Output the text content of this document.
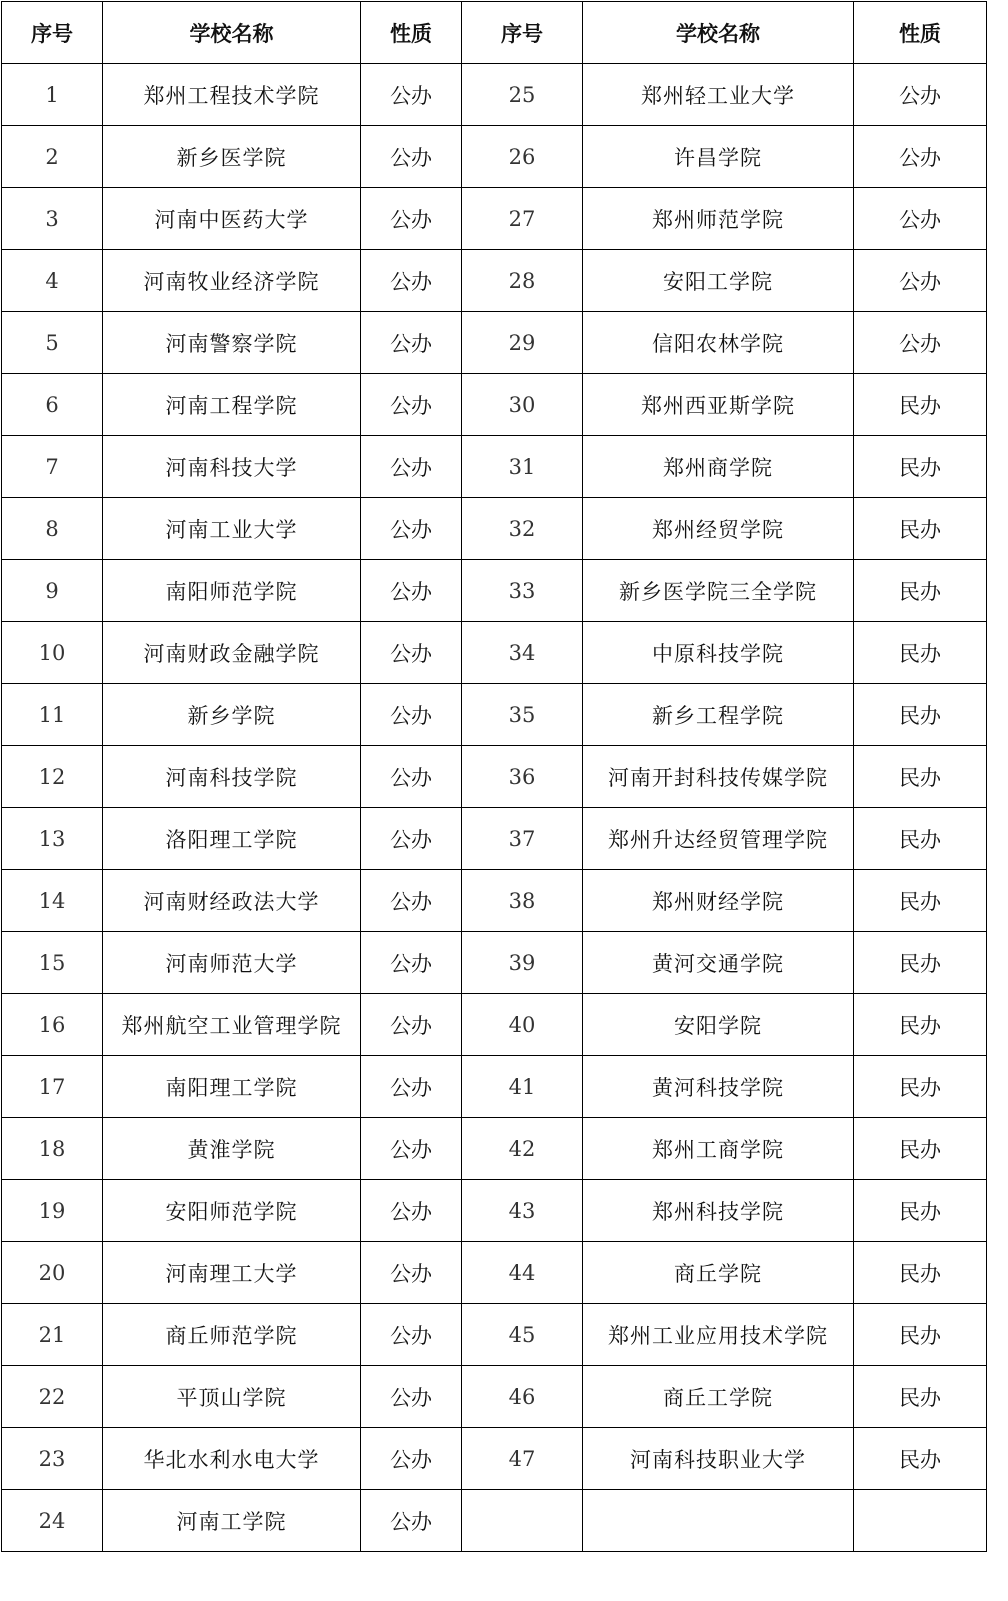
序号	学校名称	性质	序号	学校名称	性质
1	郑州工程技术学院	公办	25	郑州轻工业大学	公办
2	新乡医学院	公办	26	许昌学院	公办
3	河南中医药大学	公办	27	郑州师范学院	公办
4	河南牧业经济学院	公办	28	安阳工学院	公办
5	河南警察学院	公办	29	信阳农林学院	公办
6	河南工程学院	公办	30	郑州西亚斯学院	民办
7	河南科技大学	公办	31	郑州商学院	民办
8	河南工业大学	公办	32	郑州经贸学院	民办
9	南阳师范学院	公办	33	新乡医学院三全学院	民办
10	河南财政金融学院	公办	34	中原科技学院	民办
11	新乡学院	公办	35	新乡工程学院	民办
12	河南科技学院	公办	36	河南开封科技传媒学院	民办
13	洛阳理工学院	公办	37	郑州升达经贸管理学院	民办
14	河南财经政法大学	公办	38	郑州财经学院	民办
15	河南师范大学	公办	39	黄河交通学院	民办
16	郑州航空工业管理学院	公办	40	安阳学院	民办
17	南阳理工学院	公办	41	黄河科技学院	民办
18	黄淮学院	公办	42	郑州工商学院	民办
19	安阳师范学院	公办	43	郑州科技学院	民办
20	河南理工大学	公办	44	商丘学院	民办
21	商丘师范学院	公办	45	郑州工业应用技术学院	民办
22	平顶山学院	公办	46	商丘工学院	民办
23	华北水利水电大学	公办	47	河南科技职业大学	民办
24	河南工学院	公办			
